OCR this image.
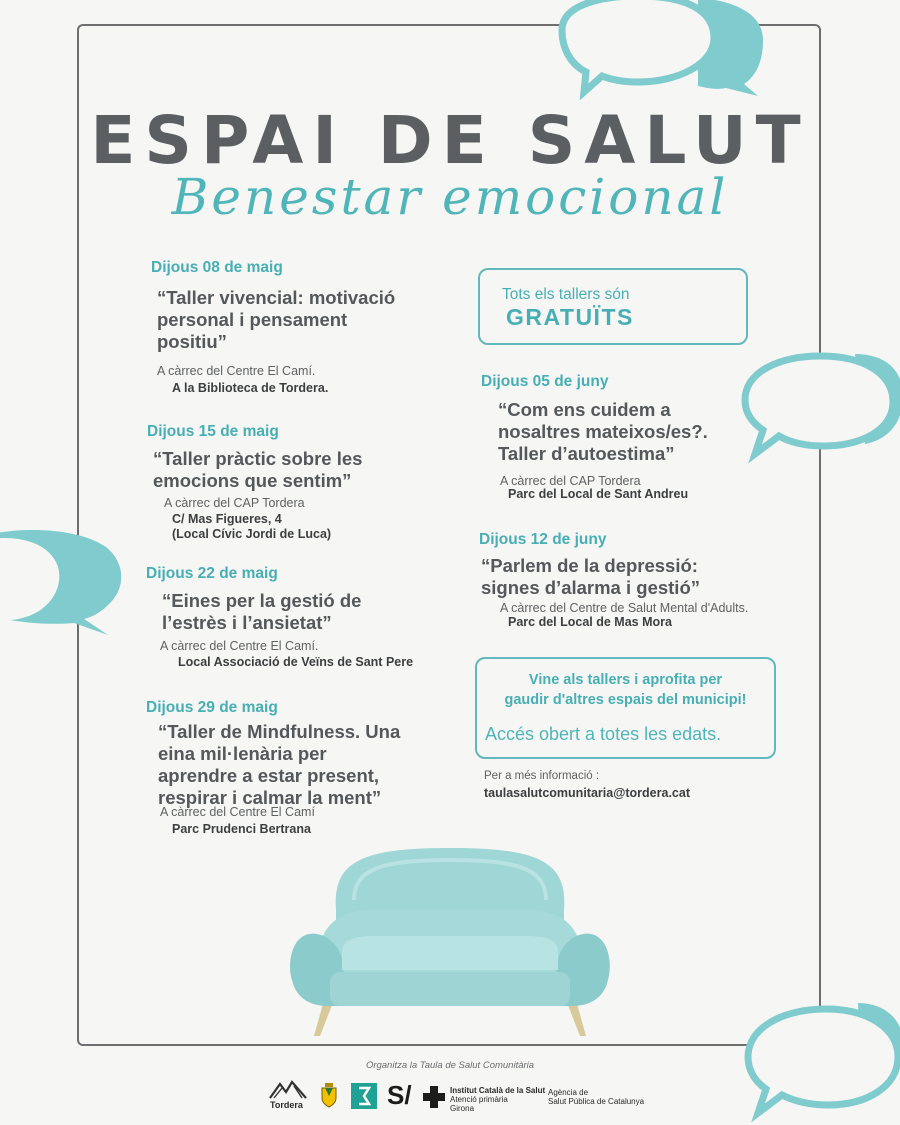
ESPAI DE SALUT
Benestar emocional
Dijous 08 de maig
“Taller vivencial: motivació
personal i pensament
positiu”
A càrrec del Centre El Camí.
A la Biblioteca de Tordera.
Dijous 15 de maig
“Taller pràctic sobre les
emocions que sentim”
A càrrec del CAP Tordera
C/ Mas Figueres, 4
(Local Cívic Jordi de Luca)
Dijous 22 de maig
“Eines per la gestió de
l’estrès i l’ansietat”
A càrrec del Centre El Camí.
Local Associació de Veïns de Sant Pere
Dijous 29 de maig
“Taller de Mindfulness. Una
eina mil·lenària per
aprendre a estar present,
respirar i calmar la ment”
A càrrec del Centre El Camí
Parc Prudenci Bertrana
Tots els tallers són
GRATUÏTS
Dijous 05 de juny
“Com ens cuidem a
nosaltres mateixos/es?.
Taller d’autoestima”
A càrrec del CAP Tordera
Parc del Local de Sant Andreu
Dijous 12 de juny
“Parlem de la depressió:
signes d’alarma i gestió”
A càrrec del Centre de Salut Mental d'Adults.
Parc del Local de Mas Mora
Vine als tallers i aprofita per
gaudir d'altres espais del municipi!
Accés obert a totes les edats.
Per a més informació :
taulasalutcomunitaria@tordera.cat
Organitza la Taula de Salut Comunitària
Tordera	S/	Institut Català de la Salut
Atenció primària
Girona
Agència de
Salut Pública de Catalunya
